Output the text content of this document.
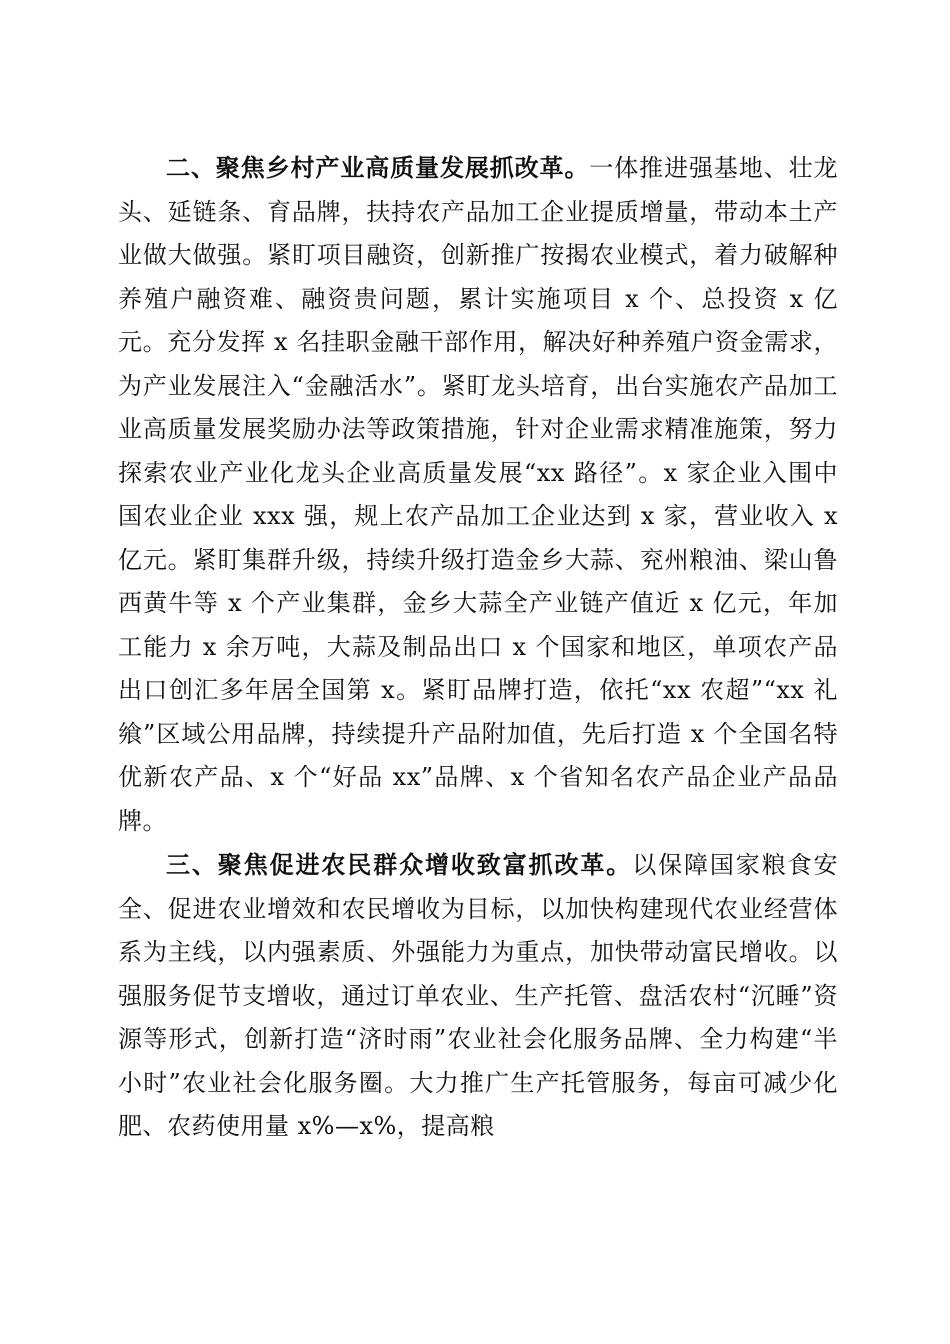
二、聚焦乡村产业高质量发展抓改革。一体推进强基地、壮龙头、延链条、育品牌，扶持农产品加工企业提质增量，带动本土产业做大做强。紧盯项目融资，创新推广按揭农业模式，着力破解种养殖户融资难、融资贵问题，累计实施项目 x 个、总投资 x 亿元。充分发挥 x 名挂职金融干部作用，解决好种养殖户资金需求，为产业发展注入“金融活水”。紧盯龙头培育，出台实施农产品加工业高质量发展奖励办法等政策措施，针对企业需求精准施策，努力探索农业产业化龙头企业高质量发展“xx 路径”。x 家企业入围中国农业企业 xxx 强，规上农产品加工企业达到 x 家，营业收入 x 亿元。紧盯集群升级，持续升级打造金乡大蒜、兖州粮油、梁山鲁西黄牛等 x 个产业集群，金乡大蒜全产业链产值近 x 亿元，年加工能力 x 余万吨，大蒜及制品出口 x 个国家和地区，单项农产品出口创汇多年居全国第 x。紧盯品牌打造，依托“xx 农超”“xx 礼飨”区域公用品牌，持续提升产品附加值，先后打造 x 个全国名特优新农产品、x 个“好品 xx”品牌、x 个省知名农产品企业产品品牌。

三、聚焦促进农民群众增收致富抓改革。以保障国家粮食安全、促进农业增效和农民增收为目标，以加快构建现代农业经营体系为主线，以内强素质、外强能力为重点，加快带动富民增收。以强服务促节支增收，通过订单农业、生产托管、盘活农村“沉睡”资源等形式，创新打造“济时雨”农业社会化服务品牌、全力构建“半小时”农业社会化服务圈。大力推广生产托管服务，每亩可减少化肥、农药使用量 x%—x%，提高粮
